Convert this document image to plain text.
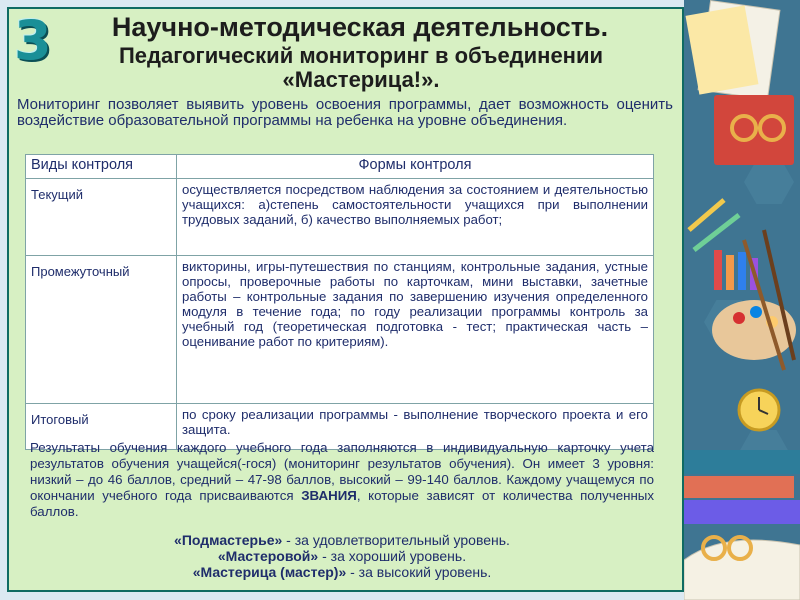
3	Научно-методическая деятельность.
Педагогический мониторинг в объединении «Мастерица!».
Мониторинг позволяет выявить уровень освоения программы, дает возможность оценить воздействие образовательной программы на ребенка на уровне объединения.
Виды контроля	Формы контроля
Текущий	осуществляется посредством наблюдения за состоянием и деятельностью учащихся: а)степень самостоятельности учащихся при выполнении трудовых заданий, б) качество выполняемых работ;
Промежуточный	викторины, игры-путешествия по станциям, контрольные задания, устные опросы, проверочные работы по карточкам, мини выставки, зачетные работы – контрольные задания по завершению изучения определенного модуля в течение года; по году реализации программы контроль за учебный год (теоретическая подготовка - тест; практическая часть – оценивание работ по критериям).
Итоговый	по сроку реализации программы - выполнение творческого проекта и его защита.
Результаты обучения каждого учебного года заполняются в индивидуальную карточку учета результатов обучения учащейся(-гося) (мониторинг результатов обучения). Он имеет 3 уровня: низкий – до 46 баллов, средний – 47-98 баллов, высокий – 99-140 баллов. Каждому учащемуся по окончании учебного года присваиваются ЗВАНИЯ, которые зависят от количества полученных баллов.
«Подмастерье» - за удовлетворительный уровень.
«Мастеровой» - за хороший уровень.
«Мастерица (мастер)» - за высокий уровень.
